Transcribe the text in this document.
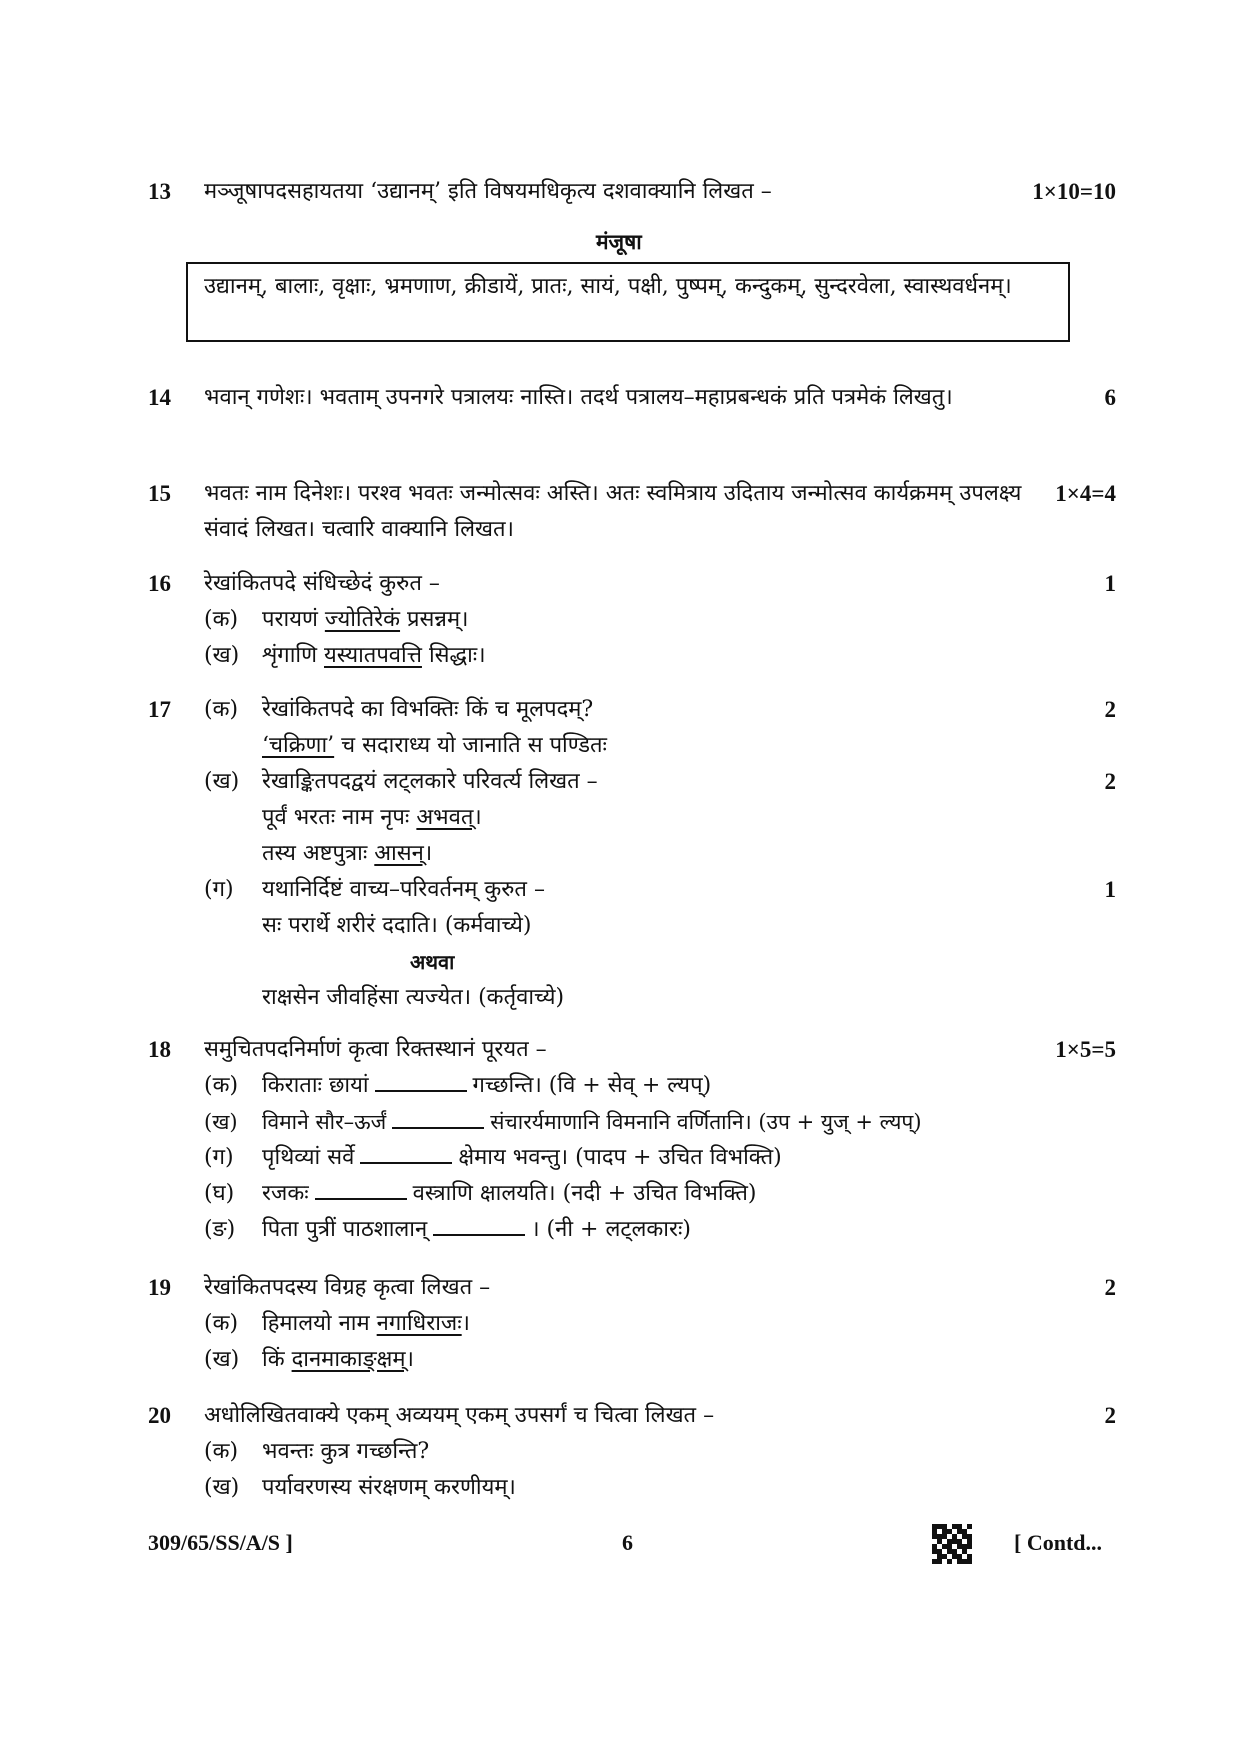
13 मञ्जूषापदसहायतया ‘उद्यानम्’ इति विषयमधिकृत्य दशवाक्यानि लिखत –	1×10=10
मंजूषा
उद्यानम्, बालाः, वृक्षाः, भ्रमणाण, क्रीडायें, प्रातः, सायं, पक्षी, पुष्पम्, कन्दुकम्, सुन्दरवेला, स्वास्थवर्धनम्।
14 भवान् गणेशः। भवताम् उपनगरे पत्रालयः नास्ति। तदर्थ पत्रालय–महाप्रबन्धकं प्रति पत्रमेकं लिखतु।	6
15 भवतः नाम दिनेशः। परश्व भवतः जन्मोत्सवः अस्ति। अतः स्वमित्राय उदिताय जन्मोत्सव कार्यक्रमम् उपलक्ष्य संवादं लिखत। चत्वारि वाक्यानि लिखत।
1×4=4
16 रेखांकितपदे संधिच्छेदं कुरुत –	1
(क) परायणं ज्योतिरेकं प्रसन्नम्।
(ख) शृंगाणि यस्यातपवत्ति सिद्धाः।
17 (क) रेखांकितपदे का विभक्तिः किं च मूलपदम्?	2
‘चक्रिणा’ च सदाराध्य यो जानाति स पण्डितः
(ख) रेखाङ्कितपदद्वयं लट्लकारे परिवर्त्य लिखत –	2
पूर्वं भरतः नाम नृपः अभवत्।
तस्य अष्टपुत्राः आसन्।
(ग) यथानिर्दिष्टं वाच्य–परिवर्तनम् कुरुत –	1
सः परार्थे शरीरं ददाति। (कर्मवाच्ये)
अथवा
राक्षसेन जीवहिंसा त्यज्येत। (कर्तृवाच्ये)
18 समुचितपदनिर्माणं कृत्वा रिक्तस्थानं पूरयत –	1×5=5
(क) किराताः छायां	गच्छन्ति। (वि + सेव् + ल्यप्)
(ख) विमाने सौर–ऊर्जं	संचारर्यमाणानि विमनानि वर्णितानि। (उप + युज् + ल्यप्)
(ग) पृथिव्यां सर्वे	क्षेमाय भवन्तु। (पादप + उचित विभक्ति)
(घ) रजकः	वस्त्राणि क्षालयति। (नदी + उचित विभक्ति)
(ङ) पिता पुत्रीं पाठशालान्	। (नी + लट्लकारः)
19 रेखांकितपदस्य विग्रह कृत्वा लिखत –	2
(क) हिमालयो नाम नगाधिराजः।
(ख) किं दानमाकाङ्क्षम्।
20 अधोलिखितवाक्ये एकम् अव्ययम् एकम् उपसर्गं च चित्वा लिखत –	2
(क) भवन्तः कुत्र गच्छन्ति?
(ख) पर्यावरणस्य संरक्षणम् करणीयम्।
309/65/SS/A/S ]	6	[ Contd...
